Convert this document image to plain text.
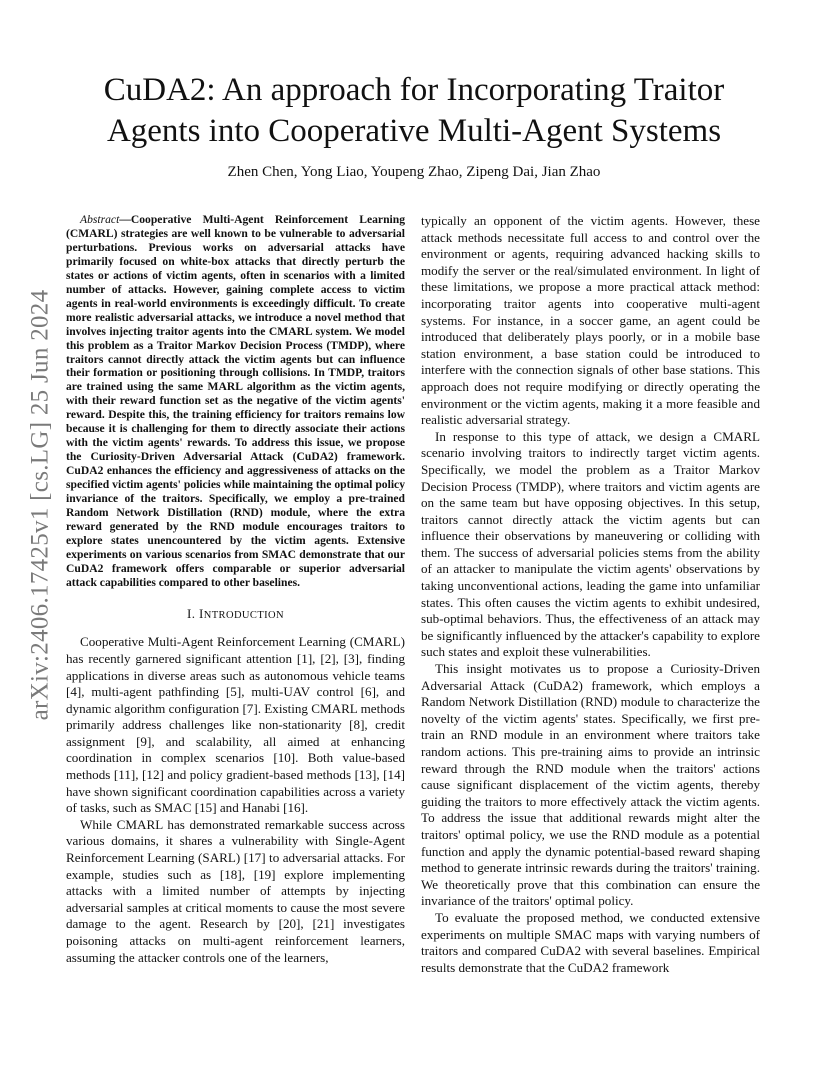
arXiv:2406.17425v1 [cs.LG] 25 Jun 2024
CuDA2: An approach for Incorporating Traitor Agents into Cooperative Multi-Agent Systems
Zhen Chen, Yong Liao, Youpeng Zhao, Zipeng Dai, Jian Zhao

Abstract—Cooperative Multi-Agent Reinforcement Learning (CMARL) strategies are well known to be vulnerable to adversarial perturbations. Previous works on adversarial attacks have primarily focused on white-box attacks that directly perturb the states or actions of victim agents, often in scenarios with a limited number of attacks. However, gaining complete access to victim agents in real-world environments is exceedingly difficult. To create more realistic adversarial attacks, we introduce a novel method that involves injecting traitor agents into the CMARL system. We model this problem as a Traitor Markov Decision Process (TMDP), where traitors cannot directly attack the victim agents but can influence their formation or positioning through collisions. In TMDP, traitors are trained using the same MARL algorithm as the victim agents, with their reward function set as the negative of the victim agents' reward. Despite this, the training efficiency for traitors remains low because it is challenging for them to directly associate their actions with the victim agents' rewards. To address this issue, we propose the Curiosity-Driven Adversarial Attack (CuDA2) framework. CuDA2 enhances the efficiency and aggressiveness of attacks on the specified victim agents' policies while maintaining the optimal policy invariance of the traitors. Specifically, we employ a pre-trained Random Network Distillation (RND) module, where the extra reward generated by the RND module encourages traitors to explore states unencountered by the victim agents. Extensive experiments on various scenarios from SMAC demonstrate that our CuDA2 framework offers comparable or superior adversarial attack capabilities compared to other baselines.

I. INTRODUCTION

Cooperative Multi-Agent Reinforcement Learning (CMARL) has recently garnered significant attention [1], [2], [3], finding applications in diverse areas such as autonomous vehicle teams [4], multi-agent pathfinding [5], multi-UAV control [6], and dynamic algorithm configuration [7]. Existing CMARL methods primarily address challenges like non-stationarity [8], credit assignment [9], and scalability, all aimed at enhancing coordination in complex scenarios [10]. Both value-based methods [11], [12] and policy gradient-based methods [13], [14] have shown significant coordination capabilities across a variety of tasks, such as SMAC [15] and Hanabi [16].

While CMARL has demonstrated remarkable success across various domains, it shares a vulnerability with Single-Agent Reinforcement Learning (SARL) [17] to adversarial attacks. For example, studies such as [18], [19] explore implementing attacks with a limited number of attempts by injecting adversarial samples at critical moments to cause the most severe damage to the agent. Research by [20], [21] investigates poisoning attacks on multi-agent reinforcement learners, assuming the attacker controls one of the learners,

typically an opponent of the victim agents. However, these attack methods necessitate full access to and control over the environment or agents, requiring advanced hacking skills to modify the server or the real/simulated environment. In light of these limitations, we propose a more practical attack method: incorporating traitor agents into cooperative multi-agent systems. For instance, in a soccer game, an agent could be introduced that deliberately plays poorly, or in a mobile base station environment, a base station could be introduced to interfere with the connection signals of other base stations. This approach does not require modifying or directly operating the environment or the victim agents, making it a more feasible and realistic adversarial strategy.

In response to this type of attack, we design a CMARL scenario involving traitors to indirectly target victim agents. Specifically, we model the problem as a Traitor Markov Decision Process (TMDP), where traitors and victim agents are on the same team but have opposing objectives. In this setup, traitors cannot directly attack the victim agents but can influence their observations by maneuvering or colliding with them. The success of adversarial policies stems from the ability of an attacker to manipulate the victim agents' observations by taking unconventional actions, leading the game into unfamiliar states. This often causes the victim agents to exhibit undesired, sub-optimal behaviors. Thus, the effectiveness of an attack may be significantly influenced by the attacker's capability to explore such states and exploit these vulnerabilities.

This insight motivates us to propose a Curiosity-Driven Adversarial Attack (CuDA2) framework, which employs a Random Network Distillation (RND) module to characterize the novelty of the victim agents' states. Specifically, we first pre-train an RND module in an environment where traitors take random actions. This pre-training aims to provide an intrinsic reward through the RND module when the traitors' actions cause significant displacement of the victim agents, thereby guiding the traitors to more effectively attack the victim agents. To address the issue that additional rewards might alter the traitors' optimal policy, we use the RND module as a potential function and apply the dynamic potential-based reward shaping method to generate intrinsic rewards during the traitors' training. We theoretically prove that this combination can ensure the invariance of the traitors' optimal policy.

To evaluate the proposed method, we conducted extensive experiments on multiple SMAC maps with varying numbers of traitors and compared CuDA2 with several baselines. Empirical results demonstrate that the CuDA2 framework
